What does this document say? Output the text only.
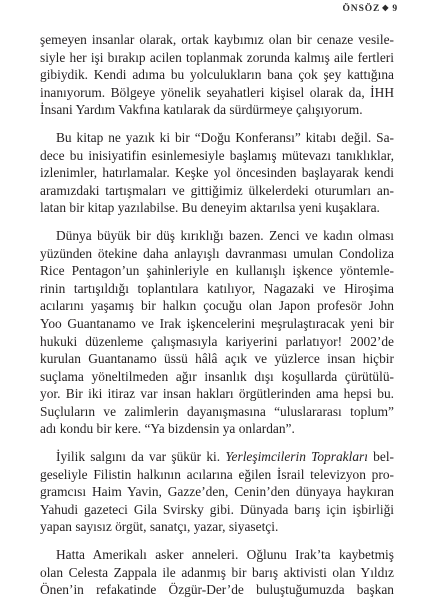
ÖNSÖZ ◆ 9
şemeyen insanlar olarak, ortak kaybımız olan bir cenaze vesile-
siyle her işi bırakıp acilen toplanmak zorunda kalmış aile fertleri
gibiydik. Kendi adıma bu yolculukların bana çok şey kattığına
inanıyorum. Bölgeye yönelik seyahatleri kişisel olarak da, İHH
İnsani Yardım Vakfına katılarak da sürdürmeye çalışıyorum.
Bu kitap ne yazık ki bir “Doğu Konferansı” kitabı değil. Sa-
dece bu inisiyatifin esinlemesiyle başlamış mütevazı tanıklıklar,
izlenimler, hatırlamalar. Keşke yol öncesinden başlayarak kendi
aramızdaki tartışmaları ve gittiğimiz ülkelerdeki oturumları an-
latan bir kitap yazılabilse. Bu deneyim aktarılsa yeni kuşaklara.
Dünya büyük bir düş kırıklığı bazen. Zenci ve kadın olması
yüzünden ötekine daha anlayışlı davranması umulan Condoliza
Rice Pentagon’un şahinleriyle en kullanışlı işkence yöntemle-
rinin tartışıldığı toplantılara katılıyor, Nagazaki ve Hiroşima
acılarını yaşamış bir halkın çocuğu olan Japon profesör John
Yoo Guantanamo ve Irak işkencelerini meşrulaştıracak yeni bir
hukuki düzenleme çalışmasıyla kariyerini parlatıyor! 2002’de
kurulan Guantanamo üssü hâlâ açık ve yüzlerce insan hiçbir
suçlama yöneltilmeden ağır insanlık dışı koşullarda çürütülü-
yor. Bir iki itiraz var insan hakları örgütlerinden ama hepsi bu.
Suçluların ve zalimlerin dayanışmasına “uluslararası toplum”
adı kondu bir kere. “Ya bizdensin ya onlardan”.
İyilik salgını da var şükür ki. Yerleşimcilerin Toprakları bel-
geseliyle Filistin halkının acılarına eğilen İsrail televizyon pro-
gramcısı Haim Yavin, Gazze’den, Cenin’den dünyaya haykıran
Yahudi gazeteci Gila Svirsky gibi. Dünyada barış için işbirliği
yapan sayısız örgüt, sanatçı, yazar, siyasetçi.
Hatta Amerikalı asker anneleri. Oğlunu Irak’ta kaybetmiş
olan Celesta Zappala ile adanmış bir barış aktivisti olan Yıldız
Önen’in refakatinde Özgür-Der’de buluştuğumuzda başkan
